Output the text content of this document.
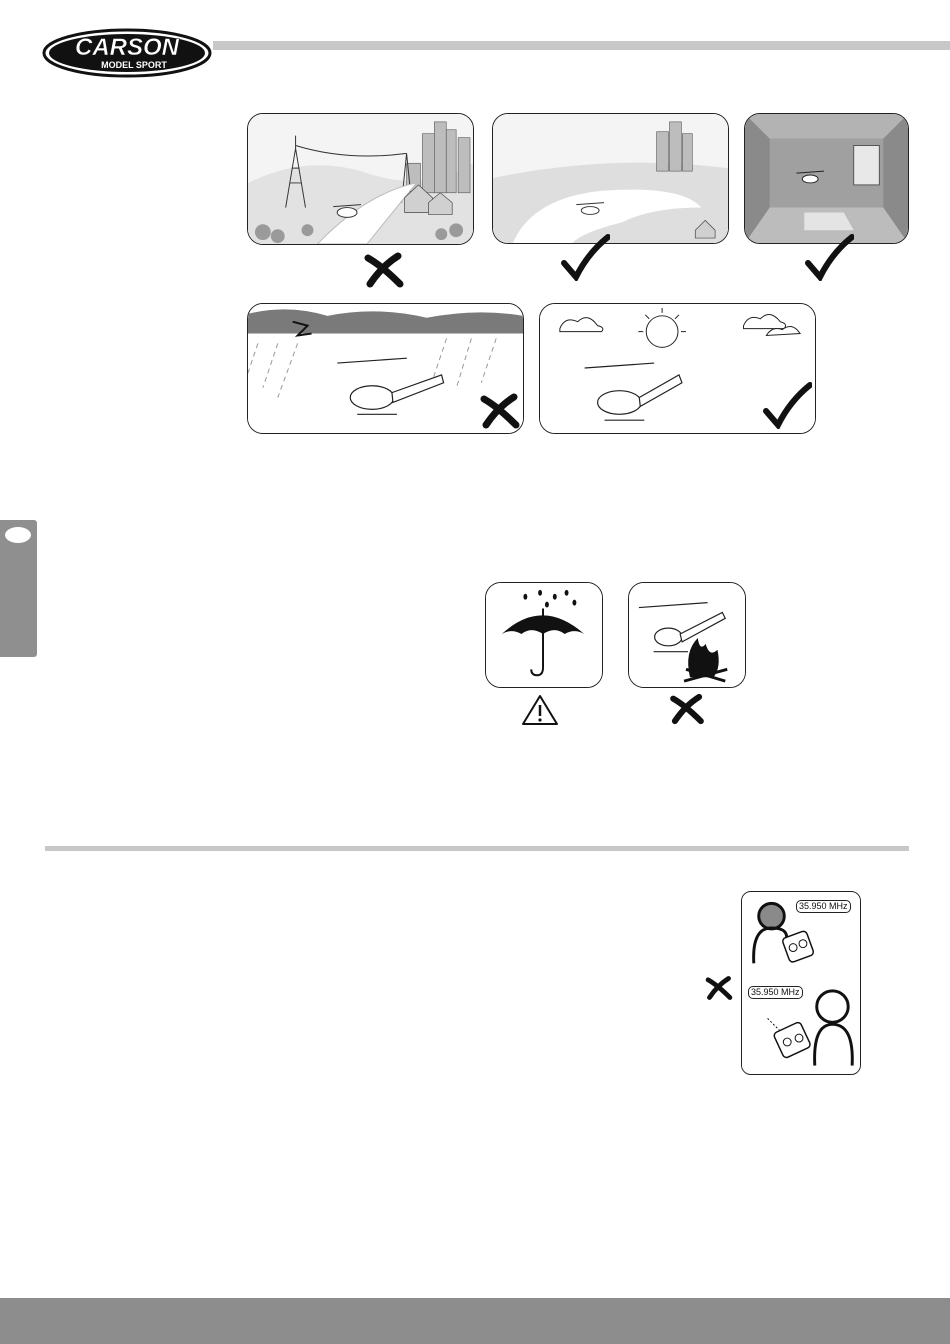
CARSON
MODEL SPORT
35.950 MHz
35.950 MHz
